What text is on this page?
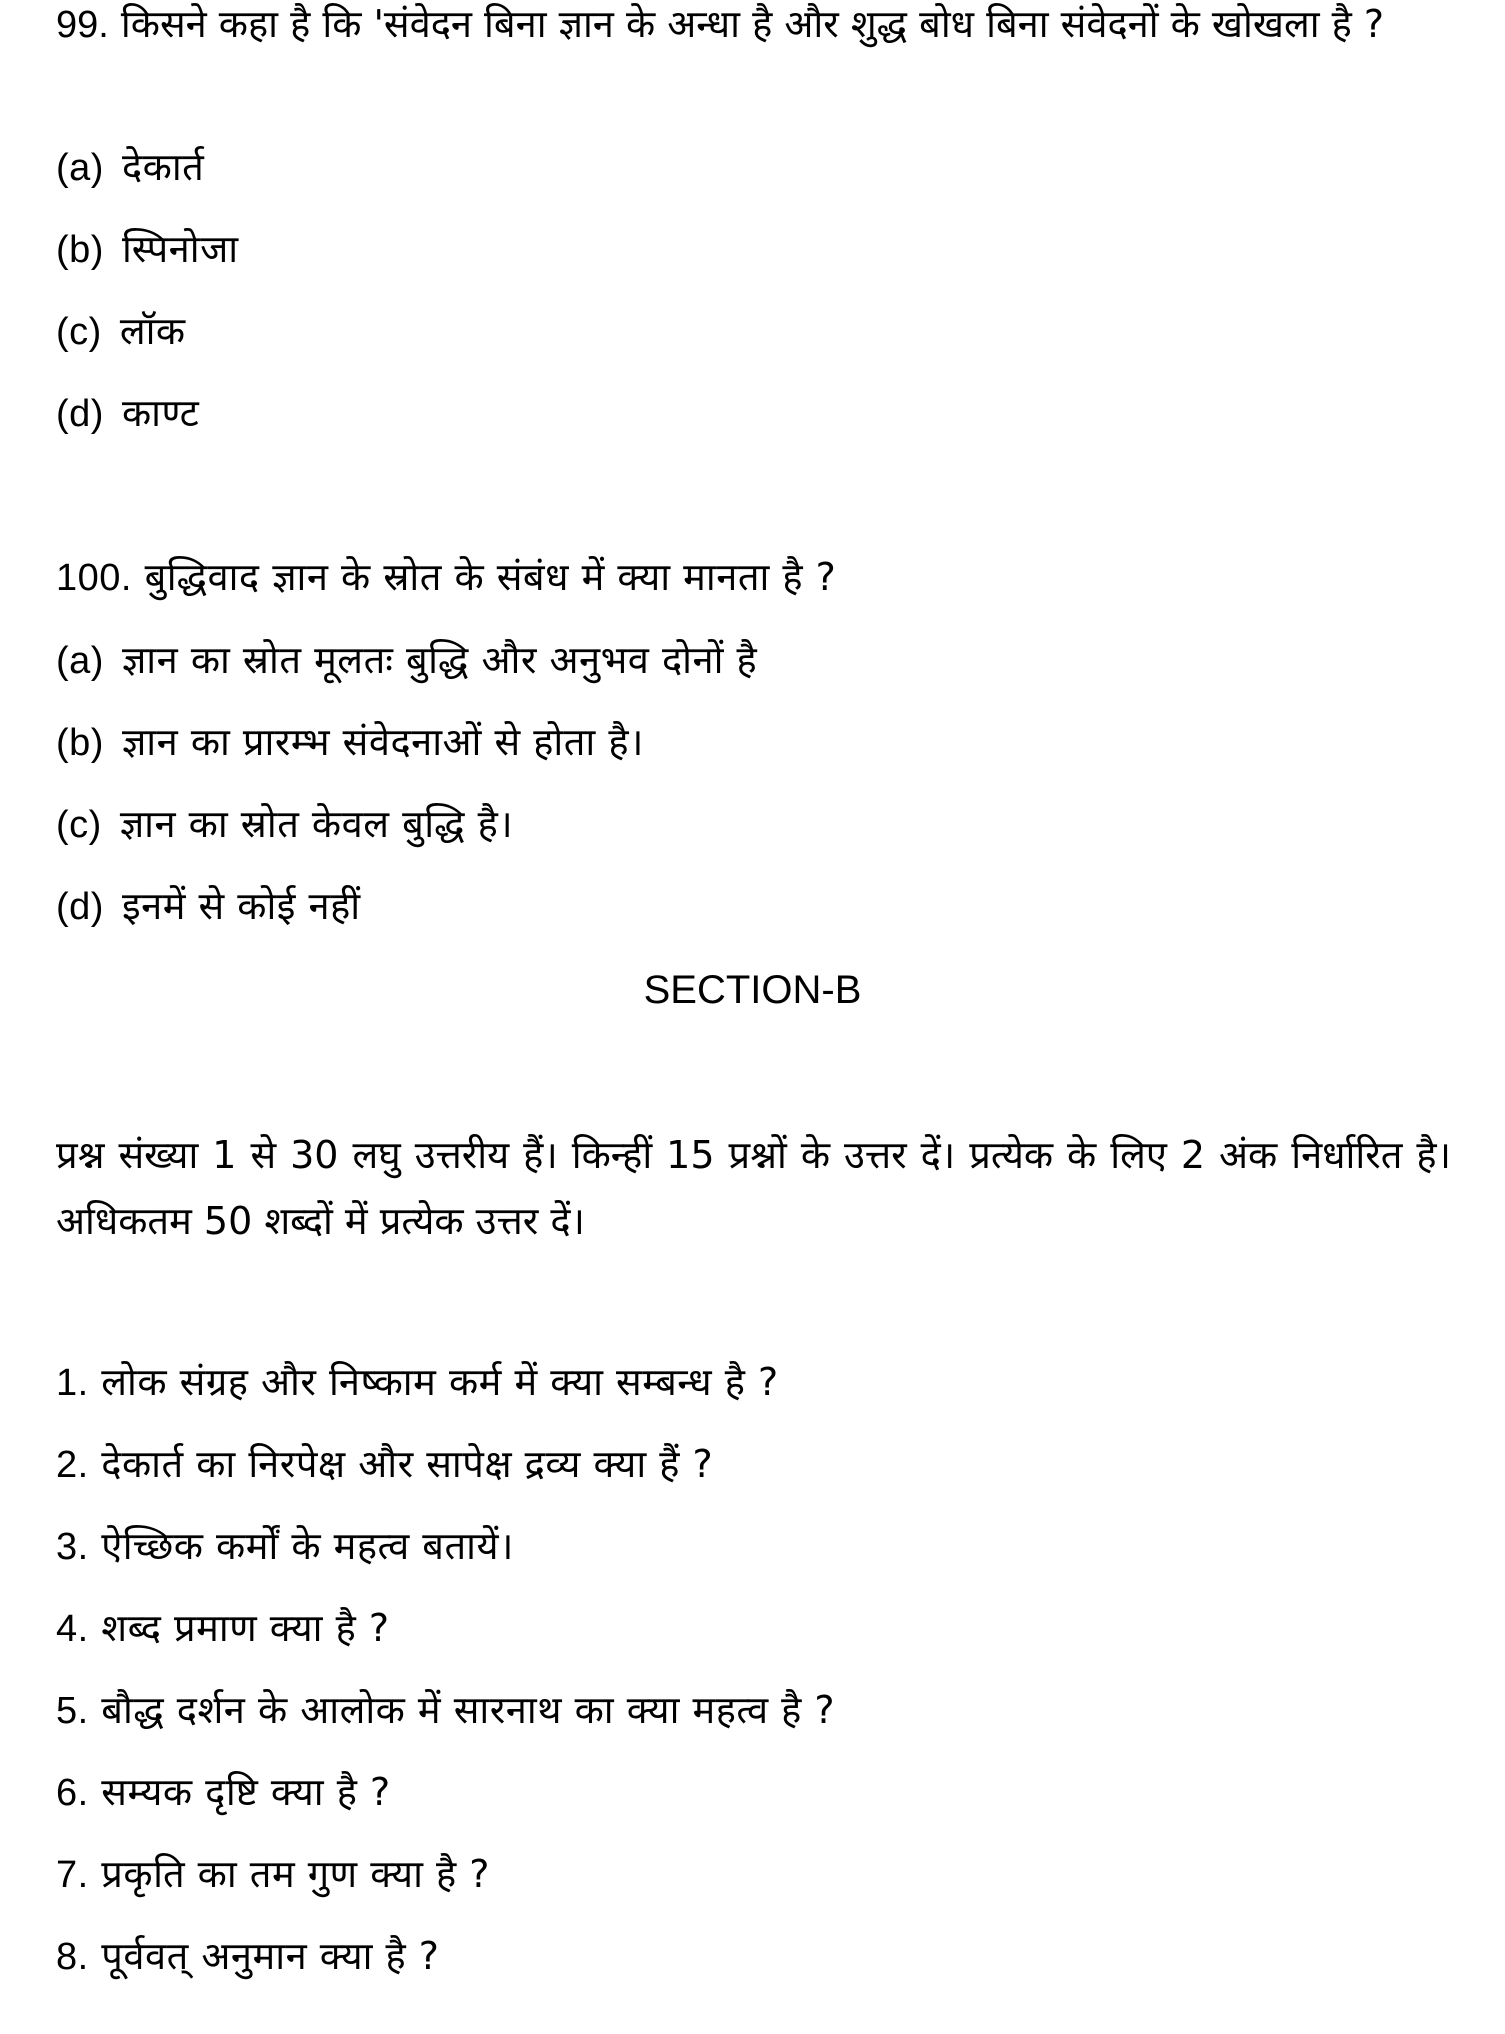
99. किसने कहा है कि 'संवेदन बिना ज्ञान के अन्धा है और शुद्ध बोध बिना संवेदनों के खोखला है ?
(a) देकार्त
(b) स्पिनोजा
(c) लॉक
(d) काण्ट
100. बुद्धिवाद ज्ञान के स्रोत के संबंध में क्या मानता है ?
(a) ज्ञान का स्रोत मूलतः बुद्धि और अनुभव दोनों है
(b) ज्ञान का प्रारम्भ संवेदनाओं से होता है।
(c) ज्ञान का स्रोत केवल बुद्धि है।
(d) इनमें से कोई नहीं
SECTION-B
प्रश्न संख्या 1 से 30 लघु उत्तरीय हैं। किन्हीं 15 प्रश्नों के उत्तर दें। प्रत्येक के लिए 2 अंक निर्धारित है। अधिकतम 50 शब्दों में प्रत्येक उत्तर दें।
1. लोक संग्रह और निष्काम कर्म में क्या सम्बन्ध है ?
2. देकार्त का निरपेक्ष और सापेक्ष द्रव्य क्या हैं ?
3. ऐच्छिक कर्मों के महत्व बतायें।
4. शब्द प्रमाण क्या है ?
5. बौद्ध दर्शन के आलोक में सारनाथ का क्या महत्व है ?
6. सम्यक दृष्टि क्या है ?
7. प्रकृति का तम गुण क्या है ?
8. पूर्ववत् अनुमान क्या है ?
